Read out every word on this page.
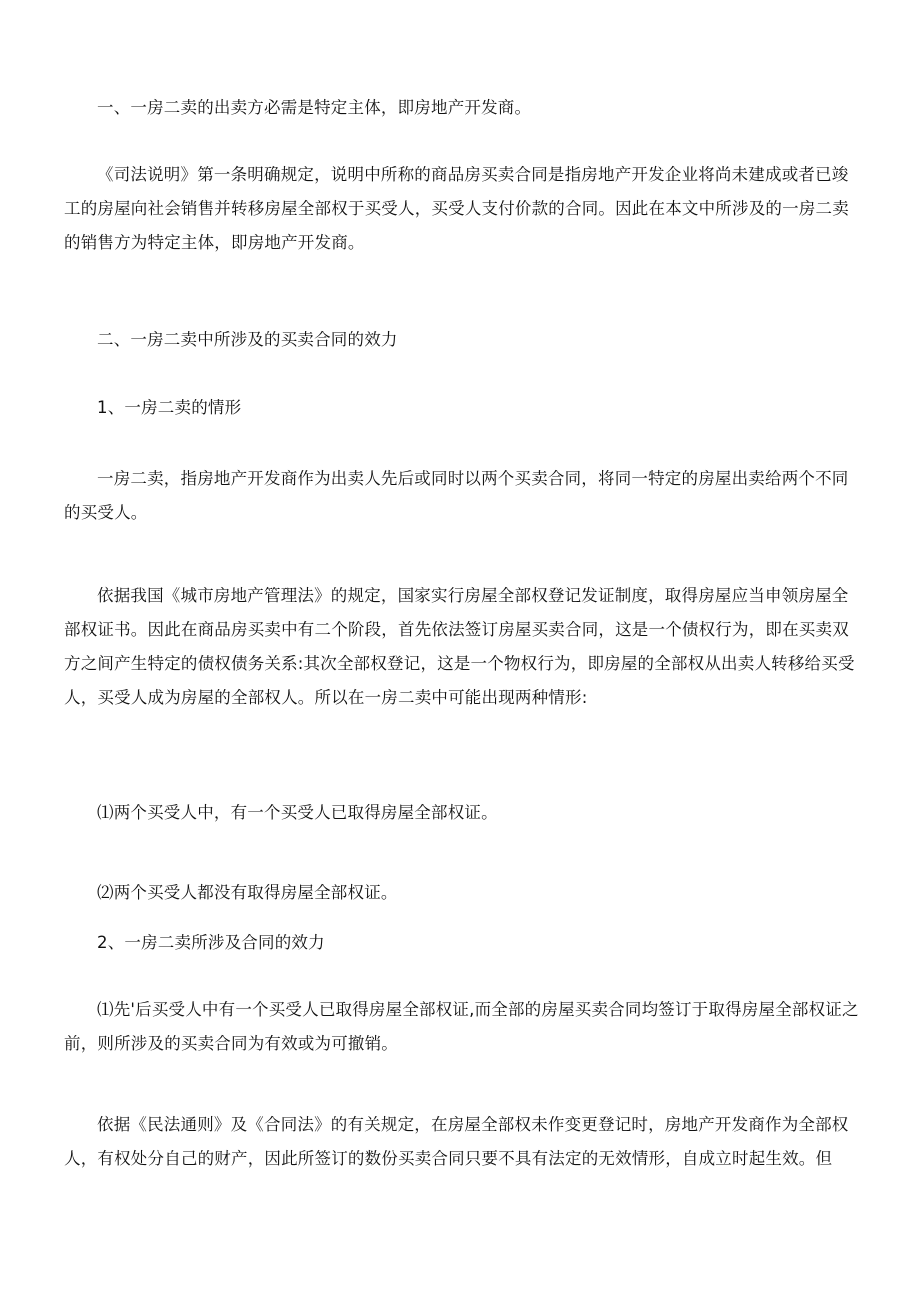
一、一房二卖的出卖方必需是特定主体，即房地产开发商。

《司法说明》第一条明确规定，说明中所称的商品房买卖合同是指房地产开发企业将尚未建成或者已竣工的房屋向社会销售并转移房屋全部权于买受人，买受人支付价款的合同。因此在本文中所涉及的一房二卖的销售方为特定主体，即房地产开发商。

二、一房二卖中所涉及的买卖合同的效力

1、一房二卖的情形

一房二卖，指房地产开发商作为出卖人先后或同时以两个买卖合同，将同一特定的房屋出卖给两个不同的买受人。

依据我国《城市房地产管理法》的规定，国家实行房屋全部权登记发证制度，取得房屋应当申领房屋全部权证书。因此在商品房买卖中有二个阶段，首先依法签订房屋买卖合同，这是一个债权行为，即在买卖双方之间产生特定的债权债务关系:其次全部权登记，这是一个物权行为，即房屋的全部权从出卖人转移给买受人，买受人成为房屋的全部权人。所以在一房二卖中可能出现两种情形:

⑴两个买受人中，有一个买受人已取得房屋全部权证。

⑵两个买受人都没有取得房屋全部权证。

2、一房二卖所涉及合同的效力

⑴先'后买受人中有一个买受人已取得房屋全部权证,而全部的房屋买卖合同均签订于取得房屋全部权证之前，则所涉及的买卖合同为有效或为可撤销。

依据《民法通则》及《合同法》的有关规定，在房屋全部权未作变更登记时，房地产开发商作为全部权人，有权处分自己的财产，因此所签订的数份买卖合同只要不具有法定的无效情形，自成立时起生效。但
